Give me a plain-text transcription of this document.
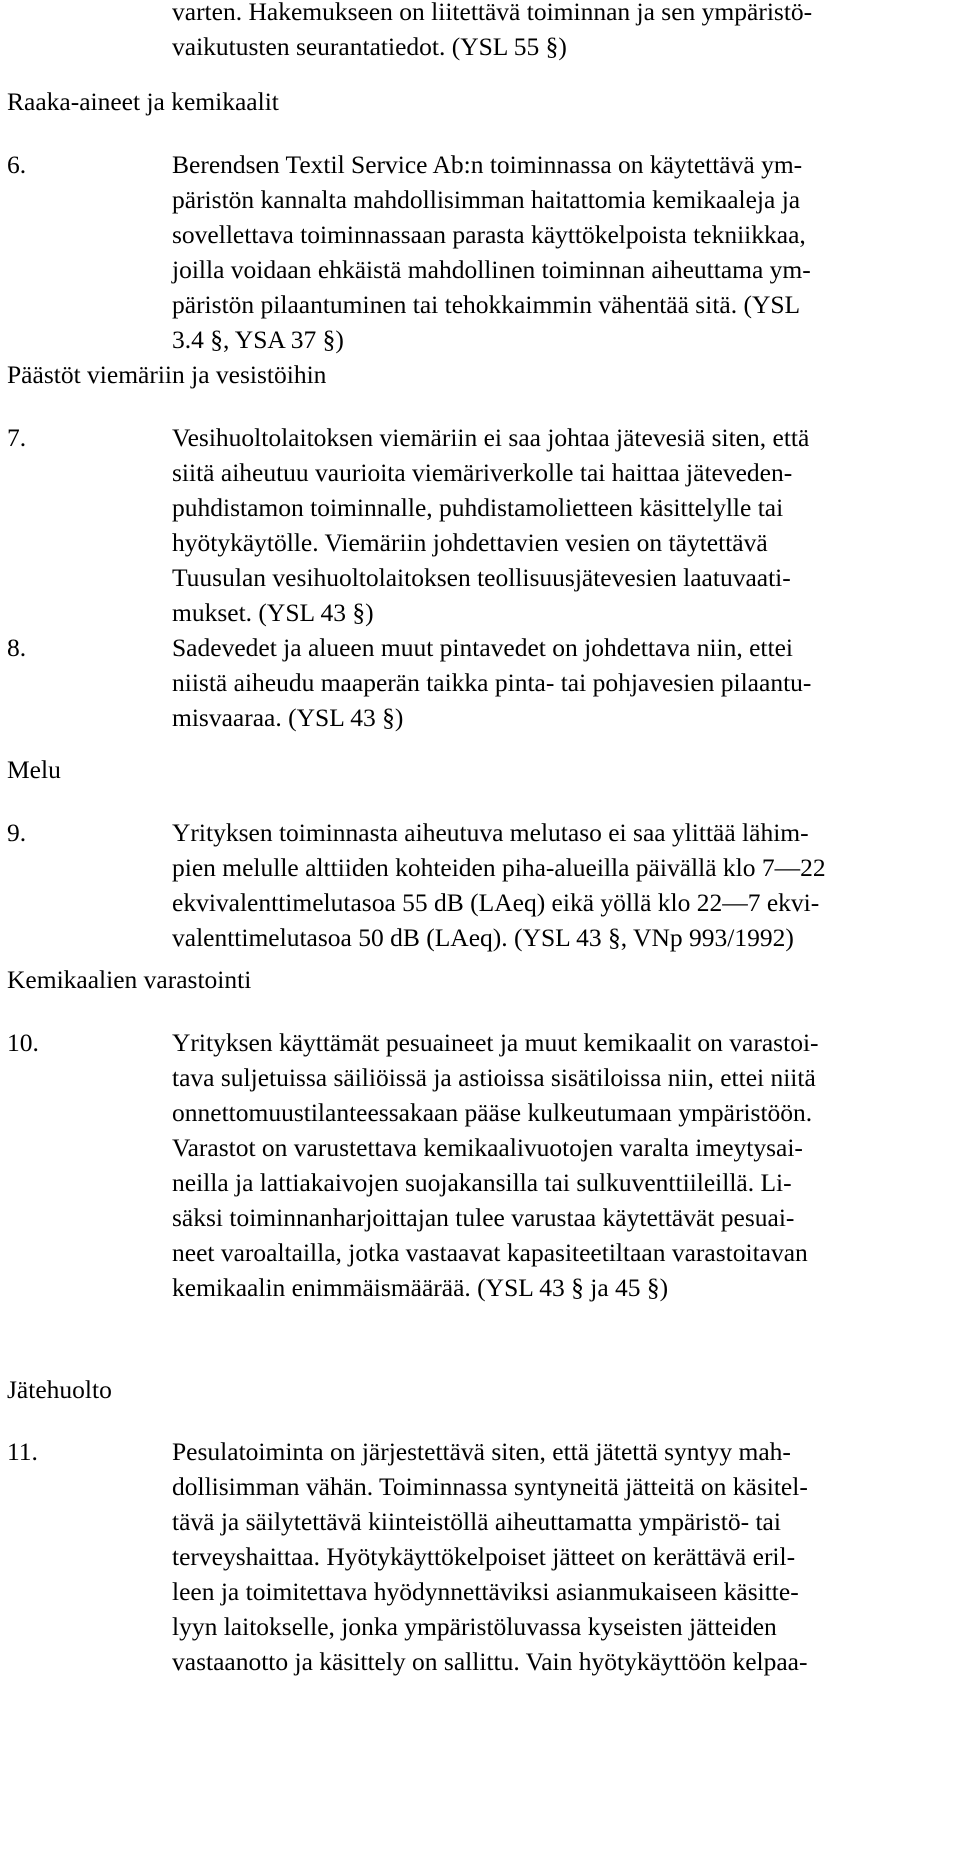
varten. Hakemukseen on liitettävä toiminnan ja sen ympäristö-
vaikutusten seurantatiedot. (YSL 55 §)

Raaka-aineet ja kemikaalit

6.	Berendsen Textil Service Ab:n toiminnassa on käytettävä ym-
päristön kannalta mahdollisimman haitattomia kemikaaleja ja
sovellettava toiminnassaan parasta käyttökelpoista tekniikkaa,
joilla voidaan ehkäistä mahdollinen toiminnan aiheuttama ym-
päristön pilaantuminen tai tehokkaimmin vähentää sitä. (YSL
3.4 §, YSA 37 §)

Päästöt viemäriin ja vesistöihin

7.	Vesihuoltolaitoksen viemäriin ei saa johtaa jätevesiä siten, että
siitä aiheutuu vaurioita viemäriverkolle tai haittaa jäteveden-
puhdistamon toiminnalle, puhdistamolietteen käsittelylle tai
hyötykäytölle. Viemäriin johdettavien vesien on täytettävä
Tuusulan vesihuoltolaitoksen teollisuusjätevesien laatuvaati-
mukset. (YSL 43 §)

8.	Sadevedet ja alueen muut pintavedet on johdettava niin, ettei
niistä aiheudu maaperän taikka pinta- tai pohjavesien pilaantu-
misvaaraa. (YSL 43 §)

Melu

9.	Yrityksen toiminnasta aiheutuva melutaso ei saa ylittää lähim-
pien melulle alttiiden kohteiden piha-alueilla päivällä klo 7―22
ekvivalenttimelutasoa 55 dB (LAeq) eikä yöllä klo 22―7 ekvi-
valenttimelutasoa 50 dB (LAeq). (YSL 43 §, VNp 993/1992)

Kemikaalien varastointi

10.	Yrityksen käyttämät pesuaineet ja muut kemikaalit on varastoi-
tava suljetuissa säiliöissä ja astioissa sisätiloissa niin, ettei niitä
onnettomuustilanteessakaan pääse kulkeutumaan ympäristöön.
Varastot on varustettava kemikaalivuotojen varalta imeytysai-
neilla ja lattiakaivojen suojakansilla tai sulkuventtiileillä. Li-
säksi toiminnanharjoittajan tulee varustaa käytettävät pesuai-
neet varoaltailla, jotka vastaavat kapasiteetiltaan varastoitavan
kemikaalin enimmäismäärää. (YSL 43 § ja 45 §)

Jätehuolto

11.	Pesulatoiminta on järjestettävä siten, että jätettä syntyy mah-
dollisimman vähän. Toiminnassa syntyneitä jätteitä on käsitel-
tävä ja säilytettävä kiinteistöllä aiheuttamatta ympäristö- tai
terveyshaittaa. Hyötykäyttökelpoiset jätteet on kerättävä eril-
leen ja toimitettava hyödynnettäviksi asianmukaiseen käsitte-
lyyn laitokselle, jonka ympäristöluvassa kyseisten jätteiden
vastaanotto ja käsittely on sallittu. Vain hyötykäyttöön kelpaa-
